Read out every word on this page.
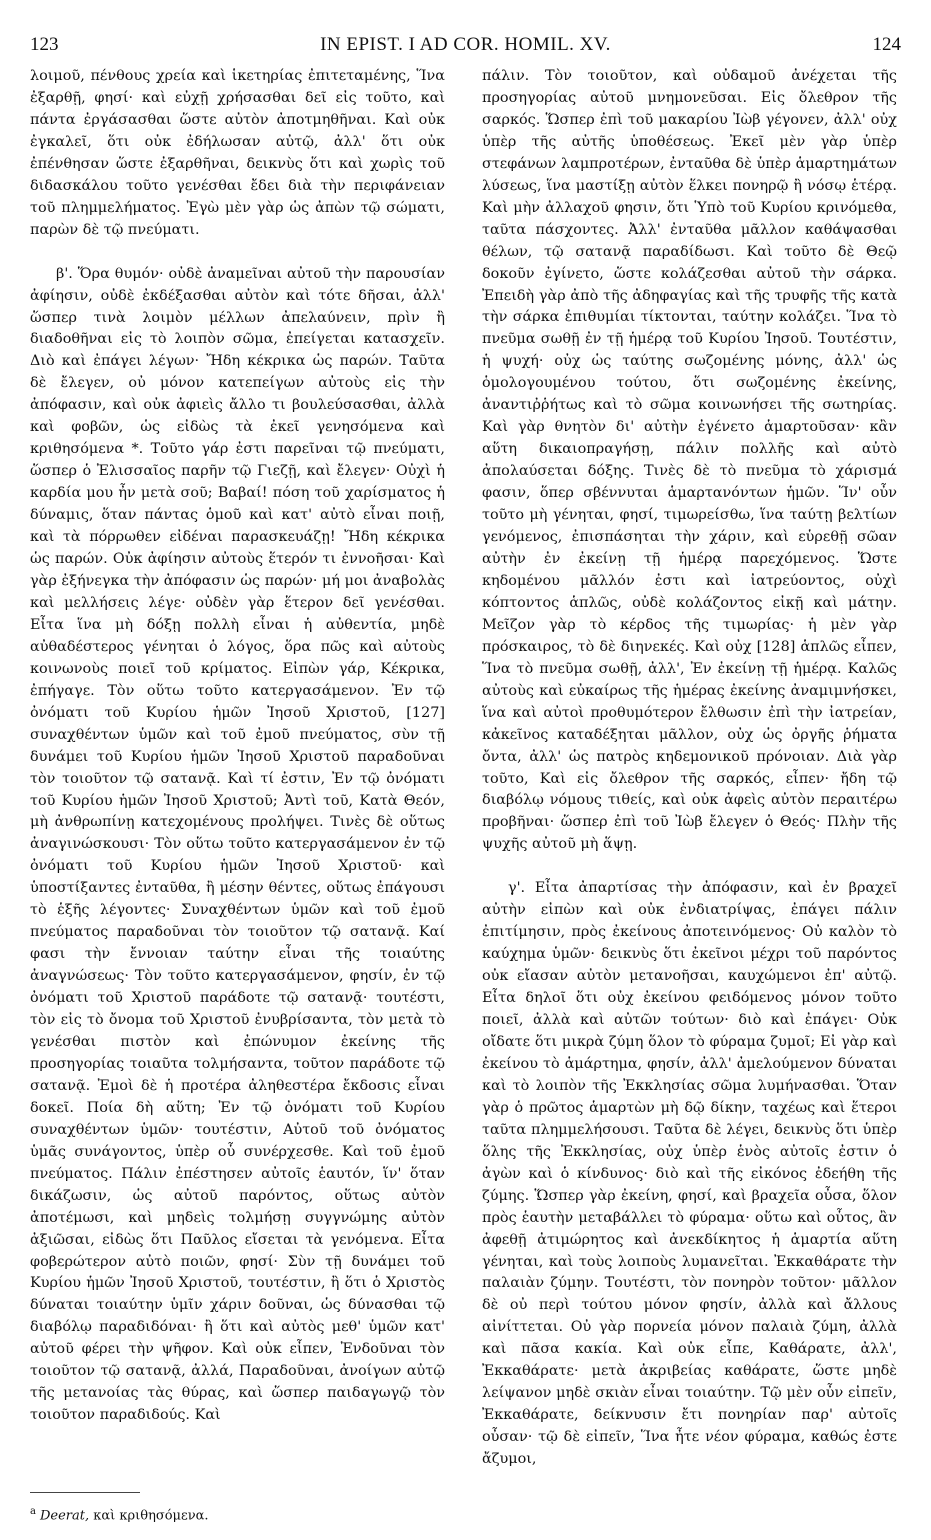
123	IN EPIST. I AD COR. HOMIL. XV.	124

λοιμοῦ, πένθους χρεία καὶ ἱκετηρίας ἐπιτεταμένης, Ἵνα ἐξαρθῇ, φησί· καὶ εὐχῇ χρήσασθαι δεῖ εἰς τοῦτο, καὶ πάντα ἐργάσασθαι ὥστε αὐτὸν ἀποτμηθῆναι. Καὶ οὐκ ἐγκαλεῖ, ὅτι οὐκ ἐδήλωσαν αὐτῷ, ἀλλ' ὅτι οὐκ ἐπένθησαν ὥστε ἐξαρθῆναι, δεικνὺς ὅτι καὶ χωρὶς τοῦ διδασκάλου τοῦτο γενέσθαι ἔδει διὰ τὴν περιφάνειαν τοῦ πλημμελήματος. Ἐγὼ μὲν γὰρ ὡς ἀπὼν τῷ σώματι, παρὼν δὲ τῷ πνεύματι.

β'. Ὅρα θυμόν· οὐδὲ ἀναμεῖναι αὐτοῦ τὴν παρουσίαν ἀφίησιν, οὐδὲ ἐκδέξασθαι αὐτὸν καὶ τότε δῆσαι, ἀλλ' ὥσπερ τινὰ λοιμὸν μέλλων ἀπελαύνειν, πρὶν ἢ διαδοθῆναι εἰς τὸ λοιπὸν σῶμα, ἐπείγεται κατασχεῖν. Διὸ καὶ ἐπάγει λέγων· Ἤδη κέκρικα ὡς παρών. Ταῦτα δὲ ἔλεγεν, οὐ μόνον κατεπείγων αὐτοὺς εἰς τὴν ἀπόφασιν, καὶ οὐκ ἀφιεὶς ἄλλο τι βουλεύσασθαι, ἀλλὰ καὶ φοβῶν, ὡς εἰδὼς τὰ ἐκεῖ γενησόμενα καὶ κριθησόμενα *. Τοῦτο γάρ ἐστι παρεῖναι τῷ πνεύματι, ὥσπερ ὁ Ἐλισσαῖος παρῆν τῷ Γιεζῇ, καὶ ἔλεγεν· Οὐχὶ ἡ καρδία μου ἦν μετὰ σοῦ; Βαβαί! πόση τοῦ χαρίσματος ἡ δύναμις, ὅταν πάντας ὁμοῦ καὶ κατ' αὐτὸ εἶναι ποιῇ, καὶ τὰ πόρρωθεν εἰδέναι παρασκευάζῃ! Ἤδη κέκρικα ὡς παρών. Οὐκ ἀφίησιν αὐτοὺς ἕτερόν τι ἐννοῆσαι· Καὶ γὰρ ἐξήνεγκα τὴν ἀπόφασιν ὡς παρών· μή μοι ἀναβολὰς καὶ μελλήσεις λέγε· οὐδὲν γὰρ ἕτερον δεῖ γενέσθαι. Εἶτα ἵνα μὴ δόξῃ πολλὴ εἶναι ἡ αὐθεντία, μηδὲ αὐθαδέστερος γένηται ὁ λόγος, ὅρα πῶς καὶ αὐτοὺς κοινωνοὺς ποιεῖ τοῦ κρίματος. Εἰπὼν γάρ, Κέκρικα, ἐπήγαγε. Τὸν οὕτω τοῦτο κατεργασάμενον. Ἐν τῷ ὀνόματι τοῦ Κυρίου ἡμῶν Ἰησοῦ Χριστοῦ, [127] συναχθέντων ὑμῶν καὶ τοῦ ἐμοῦ πνεύματος, σὺν τῇ δυνάμει τοῦ Κυρίου ἡμῶν Ἰησοῦ Χριστοῦ παραδοῦναι τὸν τοιοῦτον τῷ σατανᾷ. Καὶ τί ἐστιν, Ἐν τῷ ὀνόματι τοῦ Κυρίου ἡμῶν Ἰησοῦ Χριστοῦ; Ἀντὶ τοῦ, Κατὰ Θεόν, μὴ ἀνθρωπίνῃ κατεχομένους προλήψει. Τινὲς δὲ οὕτως ἀναγινώσκουσι· Τὸν οὕτω τοῦτο κατεργασάμενον ἐν τῷ ὀνόματι τοῦ Κυρίου ἡμῶν Ἰησοῦ Χριστοῦ· καὶ ὑποστίξαντες ἐνταῦθα, ἢ μέσην θέντες, οὕτως ἐπάγουσι τὸ ἑξῆς λέγοντες· Συναχθέντων ὑμῶν καὶ τοῦ ἐμοῦ πνεύματος παραδοῦναι τὸν τοιοῦτον τῷ σατανᾷ. Καί φασι τὴν ἔννοιαν ταύτην εἶναι τῆς τοιαύτης ἀναγνώσεως· Τὸν τοῦτο κατεργασάμενον, φησίν, ἐν τῷ ὀνόματι τοῦ Χριστοῦ παράδοτε τῷ σατανᾷ· τουτέστι, τὸν εἰς τὸ ὄνομα τοῦ Χριστοῦ ἐνυβρίσαντα, τὸν μετὰ τὸ γενέσθαι πιστὸν καὶ ἐπώνυμον ἐκείνης τῆς προσηγορίας τοιαῦτα τολμήσαντα, τοῦτον παράδοτε τῷ σατανᾷ. Ἐμοὶ δὲ ἡ προτέρα ἀληθεστέρα ἔκδοσις εἶναι δοκεῖ. Ποία δὴ αὕτη; Ἐν τῷ ὀνόματι τοῦ Κυρίου συναχθέντων ὑμῶν· τουτέστιν, Αὐτοῦ τοῦ ὀνόματος ὑμᾶς συνάγοντος, ὑπὲρ οὗ συνέρχεσθε. Καὶ τοῦ ἐμοῦ πνεύματος. Πάλιν ἐπέστησεν αὐτοῖς ἑαυτόν, ἵν' ὅταν δικάζωσιν, ὡς αὐτοῦ παρόντος, οὕτως αὐτὸν ἀποτέμωσι, καὶ μηδεὶς τολμήσῃ συγγνώμης αὐτὸν ἀξιῶσαι, εἰδὼς ὅτι Παῦλος εἴσεται τὰ γενόμενα. Εἶτα φοβερώτερον αὐτὸ ποιῶν, φησί· Σὺν τῇ δυνάμει τοῦ Κυρίου ἡμῶν Ἰησοῦ Χριστοῦ, τουτέστιν, ἢ ὅτι ὁ Χριστὸς δύναται τοιαύτην ὑμῖν χάριν δοῦναι, ὡς δύνασθαι τῷ διαβόλῳ παραδιδόναι· ἢ ὅτι καὶ αὐτὸς μεθ' ὑμῶν κατ' αὐτοῦ φέρει τὴν ψῆφον. Καὶ οὐκ εἶπεν, Ἐνδοῦναι τὸν τοιοῦτον τῷ σατανᾷ, ἀλλά, Παραδοῦναι, ἀνοίγων αὐτῷ τῆς μετανοίας τὰς θύρας, καὶ ὥσπερ παιδαγωγῷ τὸν τοιοῦτον παραδιδούς. Καὶ

πάλιν. Τὸν τοιοῦτον, καὶ οὐδαμοῦ ἀνέχεται τῆς προσηγορίας αὐτοῦ μνημονεῦσαι. Εἰς ὄλεθρον τῆς σαρκός. Ὥσπερ ἐπὶ τοῦ μακαρίου Ἰὼβ γέγονεν, ἀλλ' οὐχ ὑπὲρ τῆς αὐτῆς ὑποθέσεως. Ἐκεῖ μὲν γὰρ ὑπὲρ στεφάνων λαμπροτέρων, ἐνταῦθα δὲ ὑπὲρ ἁμαρτημάτων λύσεως, ἵνα μαστίξῃ αὐτὸν ἕλκει πονηρῷ ἢ νόσῳ ἑτέρᾳ. Καὶ μὴν ἀλλαχοῦ φησιν, ὅτι Ὑπὸ τοῦ Κυρίου κρινόμεθα, ταῦτα πάσχοντες. Ἀλλ' ἐνταῦθα μᾶλλον καθάψασθαι θέλων, τῷ σατανᾷ παραδίδωσι. Καὶ τοῦτο δὲ Θεῷ δοκοῦν ἐγίνετο, ὥστε κολάζεσθαι αὐτοῦ τὴν σάρκα. Ἐπειδὴ γὰρ ἀπὸ τῆς ἀδηφαγίας καὶ τῆς τρυφῆς τῆς κατὰ τὴν σάρκα ἐπιθυμίαι τίκτονται, ταύτην κολάζει. Ἵνα τὸ πνεῦμα σωθῇ ἐν τῇ ἡμέρᾳ τοῦ Κυρίου Ἰησοῦ. Τουτέστιν, ἡ ψυχή· οὐχ ὡς ταύτης σωζομένης μόνης, ἀλλ' ὡς ὁμολογουμένου τούτου, ὅτι σωζομένης ἐκείνης, ἀναντιῤῥήτως καὶ τὸ σῶμα κοινωνήσει τῆς σωτηρίας. Καὶ γὰρ θνητὸν δι' αὐτὴν ἐγένετο ἁμαρτοῦσαν· κἂν αὕτη δικαιοπραγήσῃ, πάλιν πολλῆς καὶ αὐτὸ ἀπολαύσεται δόξης. Τινὲς δὲ τὸ πνεῦμα τὸ χάρισμά φασιν, ὅπερ σβέννυται ἁμαρτανόντων ἡμῶν. Ἵν' οὖν τοῦτο μὴ γένηται, φησί, τιμωρείσθω, ἵνα ταύτῃ βελτίων γενόμενος, ἐπισπάσηται τὴν χάριν, καὶ εὑρεθῇ σῶαν αὐτὴν ἐν ἐκείνῃ τῇ ἡμέρᾳ παρεχόμενος. Ὥστε κηδομένου μᾶλλόν ἐστι καὶ ἰατρεύοντος, οὐχὶ κόπτοντος ἁπλῶς, οὐδὲ κολάζοντος εἰκῇ καὶ μάτην. Μεῖζον γὰρ τὸ κέρδος τῆς τιμωρίας· ἡ μὲν γὰρ πρόσκαιρος, τὸ δὲ διηνεκές. Καὶ οὐχ [128] ἁπλῶς εἶπεν, Ἵνα τὸ πνεῦμα σωθῇ, ἀλλ', Ἐν ἐκείνῃ τῇ ἡμέρᾳ. Καλῶς αὐτοὺς καὶ εὐκαίρως τῆς ἡμέρας ἐκείνης ἀναμιμνήσκει, ἵνα καὶ αὐτοὶ προθυμότερον ἔλθωσιν ἐπὶ τὴν ἰατρείαν, κἀκεῖνος καταδέξηται μᾶλλον, οὐχ ὡς ὀργῆς ῥήματα ὄντα, ἀλλ' ὡς πατρὸς κηδεμονικοῦ πρόνοιαν. Διὰ γὰρ τοῦτο, Καὶ εἰς ὄλεθρον τῆς σαρκός, εἶπεν· ἤδη τῷ διαβόλῳ νόμους τιθείς, καὶ οὐκ ἀφεὶς αὐτὸν περαιτέρω προβῆναι· ὥσπερ ἐπὶ τοῦ Ἰὼβ ἔλεγεν ὁ Θεός· Πλὴν τῆς ψυχῆς αὐτοῦ μὴ ἅψῃ.

γ'. Εἶτα ἀπαρτίσας τὴν ἀπόφασιν, καὶ ἐν βραχεῖ αὐτὴν εἰπὼν καὶ οὐκ ἐνδιατρίψας, ἐπάγει πάλιν ἐπιτίμησιν, πρὸς ἐκείνους ἀποτεινόμενος· Οὐ καλὸν τὸ καύχημα ὑμῶν· δεικνὺς ὅτι ἐκεῖνοι μέχρι τοῦ παρόντος οὐκ εἴασαν αὐτὸν μετανοῆσαι, καυχώμενοι ἐπ' αὐτῷ. Εἶτα δηλοῖ ὅτι οὐχ ἐκείνου φειδόμενος μόνον τοῦτο ποιεῖ, ἀλλὰ καὶ αὐτῶν τούτων· διὸ καὶ ἐπάγει· Οὐκ οἴδατε ὅτι μικρὰ ζύμη ὅλον τὸ φύραμα ζυμοῖ; Εἰ γὰρ καὶ ἐκείνου τὸ ἁμάρτημα, φησίν, ἀλλ' ἀμελούμενον δύναται καὶ τὸ λοιπὸν τῆς Ἐκκλησίας σῶμα λυμήνασθαι. Ὅταν γὰρ ὁ πρῶτος ἁμαρτὼν μὴ δῷ δίκην, ταχέως καὶ ἕτεροι ταῦτα πλημμελήσουσι. Ταῦτα δὲ λέγει, δεικνὺς ὅτι ὑπὲρ ὅλης τῆς Ἐκκλησίας, οὐχ ὑπὲρ ἑνὸς αὐτοῖς ἐστιν ὁ ἀγὼν καὶ ὁ κίνδυνος· διὸ καὶ τῆς εἰκόνος ἐδεήθη τῆς ζύμης. Ὥσπερ γὰρ ἐκείνη, φησί, καὶ βραχεῖα οὖσα, ὅλον πρὸς ἑαυτὴν μεταβάλλει τὸ φύραμα· οὕτω καὶ οὗτος, ἂν ἀφεθῇ ἀτιμώρητος καὶ ἀνεκδίκητος ἡ ἁμαρτία αὕτη γένηται, καὶ τοὺς λοιποὺς λυμανεῖται. Ἐκκαθάρατε τὴν παλαιὰν ζύμην. Τουτέστι, τὸν πονηρὸν τοῦτον· μᾶλλον δὲ οὐ περὶ τούτου μόνον φησίν, ἀλλὰ καὶ ἄλλους αἰνίττεται. Οὐ γὰρ πορνεία μόνον παλαιὰ ζύμη, ἀλλὰ καὶ πᾶσα κακία. Καὶ οὐκ εἶπε, Καθάρατε, ἀλλ', Ἐκκαθάρατε· μετὰ ἀκριβείας καθάρατε, ὥστε μηδὲ λείψανον μηδὲ σκιὰν εἶναι τοιαύτην. Τῷ μὲν οὖν εἰπεῖν, Ἐκκαθάρατε, δείκνυσιν ἔτι πονηρίαν παρ' αὐτοῖς οὖσαν· τῷ δὲ εἰπεῖν, Ἵνα ἦτε νέον φύραμα, καθώς ἐστε ἄζυμοι,

$^a$ Deerat, καὶ κριθησόμενα.
